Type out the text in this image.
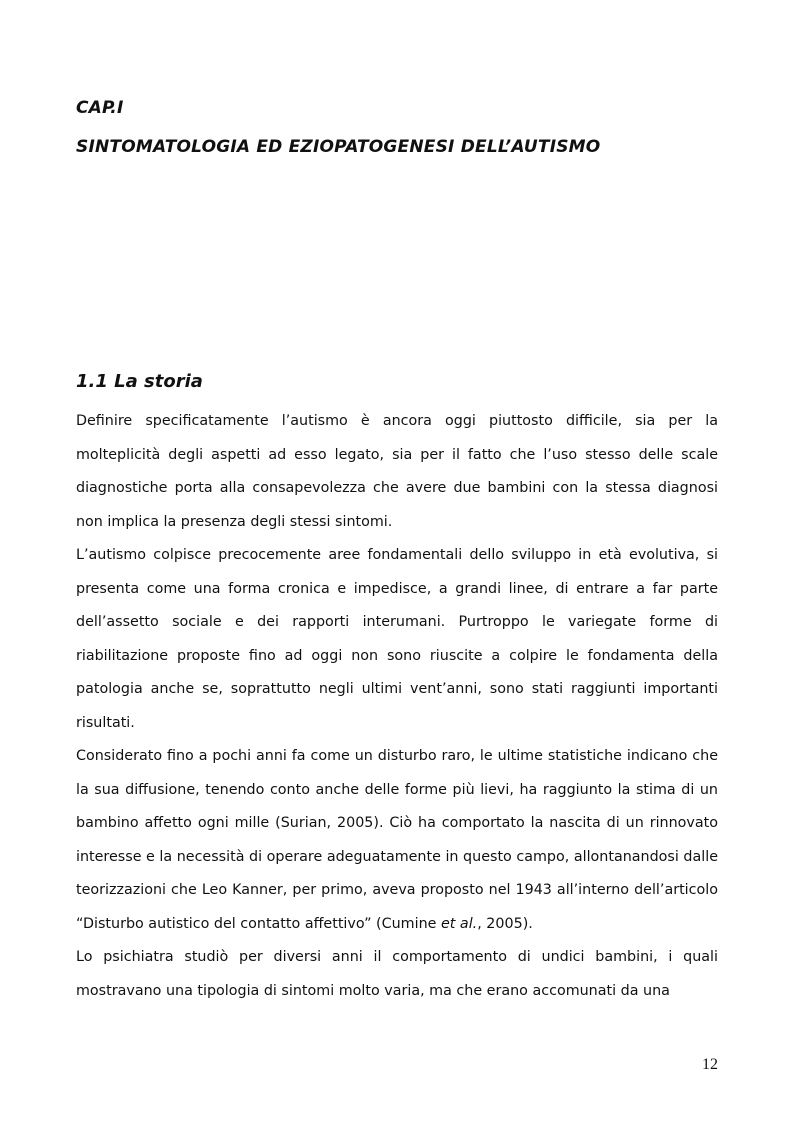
CAP.I
SINTOMATOLOGIA ED EZIOPATOGENESI DELL’AUTISMO
1.1 La storia

Definire specificatamente l’autismo è ancora oggi piuttosto difficile, sia per la molteplicità degli aspetti ad esso legato, sia per il fatto che l’uso stesso delle scale diagnostiche porta alla consapevolezza che avere due bambini con la stessa diagnosi non implica la presenza degli stessi sintomi.

L’autismo colpisce precocemente aree fondamentali dello sviluppo in età evolutiva, si presenta come una forma cronica e impedisce, a grandi linee, di entrare a far parte dell’assetto sociale e dei rapporti interumani. Purtroppo le variegate forme di riabilitazione proposte fino ad oggi non sono riuscite a colpire le fondamenta della patologia anche se, soprattutto negli ultimi vent’anni, sono stati raggiunti importanti risultati.

Considerato fino a pochi anni fa come un disturbo raro, le ultime statistiche indicano che la sua diffusione, tenendo conto anche delle forme più lievi, ha raggiunto la stima di un bambino affetto ogni mille (Surian, 2005). Ciò ha comportato la nascita di un rinnovato interesse e la necessità di operare adeguatamente in questo campo, allontanandosi dalle teorizzazioni che Leo Kanner, per primo, aveva proposto nel 1943 all’interno dell’articolo “Disturbo autistico del contatto affettivo” (Cumine et al., 2005).

Lo psichiatra studiò per diversi anni il comportamento di undici bambini, i quali mostravano una tipologia di sintomi molto varia, ma che erano accomunati da una

12
